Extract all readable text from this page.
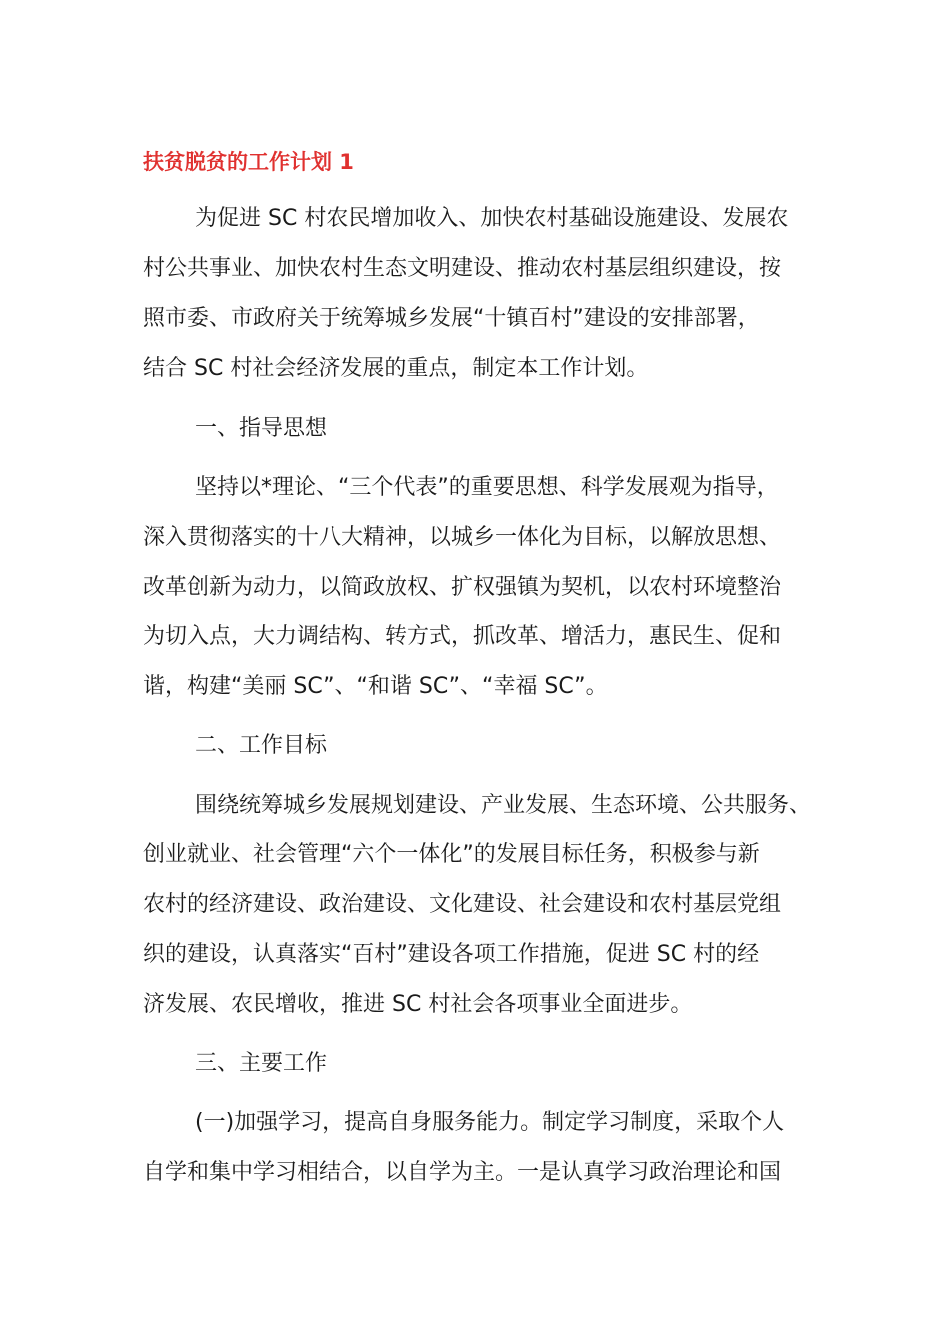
扶贫脱贫的工作计划 1
为促进 SC 村农民增加收入、加快农村基础设施建设、发展农
村公共事业、加快农村生态文明建设、推动农村基层组织建设，按
照市委、市政府关于统筹城乡发展“十镇百村”建设的安排部署，
结合 SC 村社会经济发展的重点，制定本工作计划。
一、指导思想
坚持以*理论、“三个代表”的重要思想、科学发展观为指导，
深入贯彻落实的十八大精神，以城乡一体化为目标，以解放思想、
改革创新为动力，以简政放权、扩权强镇为契机，以农村环境整治
为切入点，大力调结构、转方式，抓改革、增活力，惠民生、促和
谐，构建“美丽 SC”、“和谐 SC”、“幸福 SC”。
二、工作目标
围绕统筹城乡发展规划建设、产业发展、生态环境、公共服务、
创业就业、社会管理“六个一体化”的发展目标任务，积极参与新
农村的经济建设、政治建设、文化建设、社会建设和农村基层党组
织的建设，认真落实“百村”建设各项工作措施，促进 SC 村的经
济发展、农民增收，推进 SC 村社会各项事业全面进步。
三、主要工作
(一)加强学习，提高自身服务能力。制定学习制度，采取个人
自学和集中学习相结合，以自学为主。一是认真学习政治理论和国
